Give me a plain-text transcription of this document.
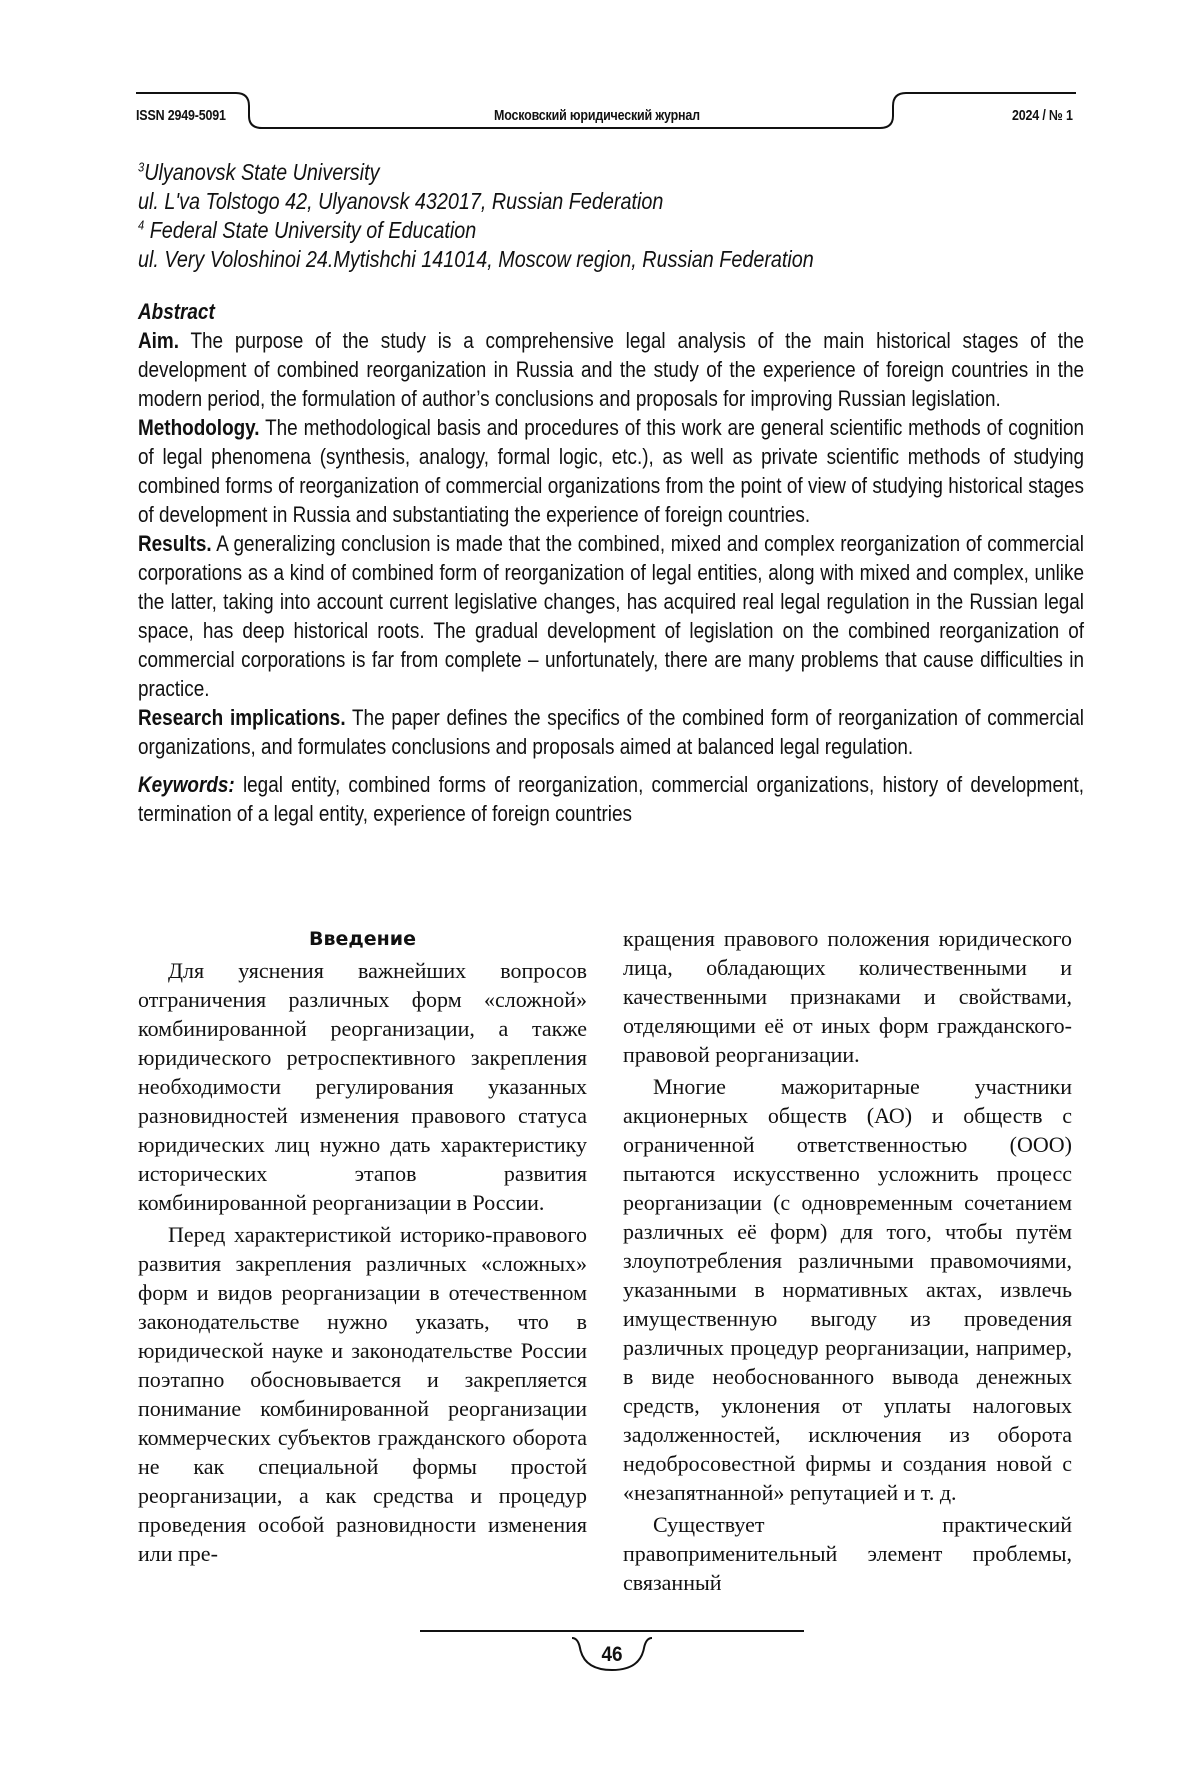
ISSN 2949-5091	Московский юридический журнал	2024 / № 1
$^3$Ulyanovsk State University
ul. L'va Tolstogo 42, Ulyanovsk 432017, Russian Federation
$^4$ Federal State University of Education
ul. Very Voloshinoi 24.Mytishchi 141014, Moscow region, Russian Federation
Abstract

Aim. The purpose of the study is a comprehensive legal analysis of the main historical stages of the development of combined reorganization in Russia and the study of the experience of foreign countries in the modern period, the formulation of author’s conclusions and proposals for improving Russian legislation.

Methodology. The methodological basis and procedures of this work are general scientific methods of cognition of legal phenomena (synthesis, analogy, formal logic, etc.), as well as private scientific methods of studying combined forms of reorganization of commercial organizations from the point of view of studying historical stages of development in Russia and substantiating the experience of foreign countries.

Results. A generalizing conclusion is made that the combined, mixed and complex reorganization of commercial corporations as a kind of combined form of reorganization of legal entities, along with mixed and complex, unlike the latter, taking into account current legislative changes, has acquired real legal regulation in the Russian legal space, has deep historical roots. The gradual development of legislation on the combined reorganization of commercial corporations is far from complete – unfortunately, there are many problems that cause difficulties in practice.

Research implications. The paper defines the specifics of the combined form of reorganization of commercial organizations, and formulates conclusions and proposals aimed at balanced legal regulation.

Keywords: legal entity, combined forms of reorganization, commercial organizations, history of development, termination of a legal entity, experience of foreign countries

Введение

Для уяснения важнейших вопросов отграничения различных форм «сложной» комбинированной реорганизации, а также юридического ретроспективного закрепления необходимости регулирования указанных разновидностей изменения правового статуса юридических лиц нужно дать характеристику исторических этапов развития комбинированной реорганизации в России.

Перед характеристикой историко-правового развития закрепления различных «сложных» форм и видов реорганизации в отечественном законодательстве нужно указать, что в юридической науке и законодательстве России поэтапно обосновывается и закрепляется понимание комбинированной реорганизации коммерческих субъектов гражданского оборота не как специальной формы простой реорганизации, а как средства и процедур проведения особой разновидности изменения или пре-

кращения правового положения юридического лица, обладающих количественными и качественными признаками и свойствами, отделяющими её от иных форм гражданского-правовой реорганизации.

Многие мажоритарные участники акционерных обществ (АО) и обществ с ограниченной ответственностью (ООО) пытаются искусственно усложнить процесс реорганизации (с одновременным сочетанием различных её форм) для того, чтобы путём злоупотребления различными правомочиями, указанными в нормативных актах, извлечь имущественную выгоду из проведения различных процедур реорганизации, например, в виде необоснованного вывода денежных средств, уклонения от уплаты налоговых задолженностей, исключения из оборота недобросовестной фирмы и создания новой с «незапятнанной» репутацией и т. д.

Существует практический правоприменительный элемент проблемы, связанный

46
